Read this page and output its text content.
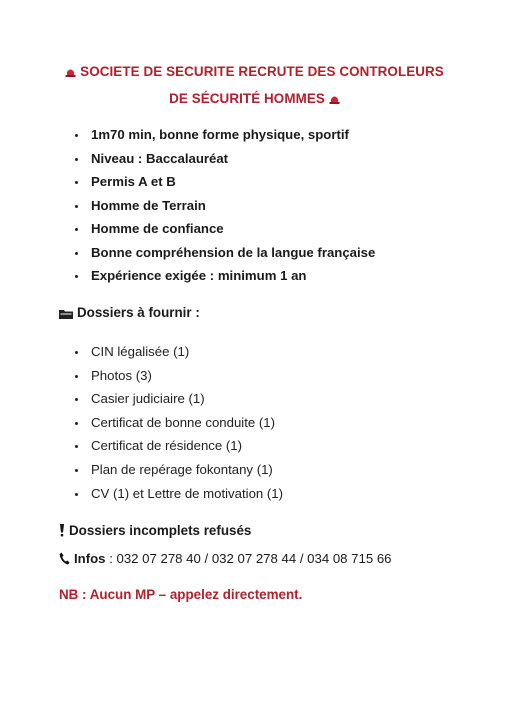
SOCIETE DE SECURITE RECRUTE DES CONTROLEURS
DE SÉCURITÉ HOMMES
1m70 min, bonne forme physique, sportif
Niveau : Baccalauréat
Permis A et B
Homme de Terrain
Homme de confiance
Bonne compréhension de la langue française
Expérience exigée : minimum 1 an
Dossiers à fournir :
CIN légalisée (1)
Photos (3)
Casier judiciaire (1)
Certificat de bonne conduite (1)
Certificat de résidence (1)
Plan de repérage fokontany (1)
CV (1) et Lettre de motivation (1)
Dossiers incomplets refusés
Infos : 032 07 278 40 / 032 07 278 44 / 034 08 715 66
NB : Aucun MP – appelez directement.
